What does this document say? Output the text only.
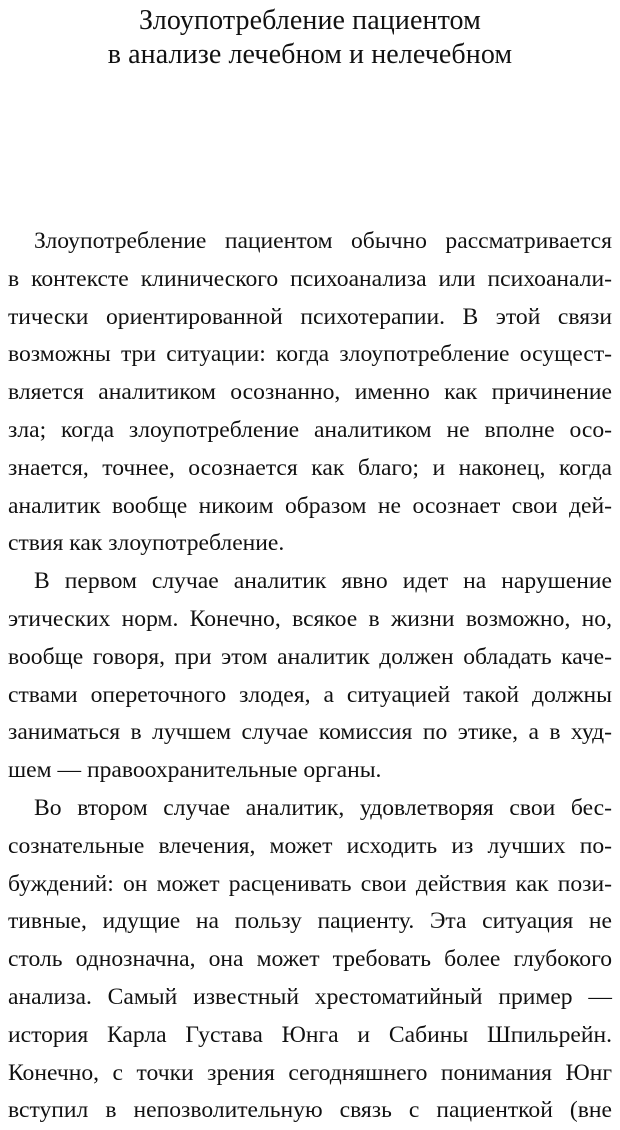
Злоупотребление пациентом
в анализе лечебном и нелечебном
Злоупотребление пациентом обычно рассматривается
в контексте клинического психоанализа или психоанали-
тически ориентированной психотерапии. В этой связи
возможны три ситуации: когда злоупотребление осущест-
вляется аналитиком осознанно, именно как причинение
зла; когда злоупотребление аналитиком не вполне осо-
знается, точнее, осознается как благо; и наконец, когда
аналитик вообще никоим образом не осознает свои дей-
ствия как злоупотребление.
В первом случае аналитик явно идет на нарушение
этических норм. Конечно, всякое в жизни возможно, но,
вообще говоря, при этом аналитик должен обладать каче-
ствами опереточного злодея, а ситуацией такой должны
заниматься в лучшем случае комиссия по этике, а в худ-
шем — правоохранительные органы.
Во втором случае аналитик, удовлетворяя свои бес-
сознательные влечения, может исходить из лучших по-
буждений: он может расценивать свои действия как пози-
тивные, идущие на пользу пациенту. Эта ситуация не
столь однозначна, она может требовать более глубокого
анализа. Самый известный хрестоматийный пример —
история Карла Густава Юнга и Сабины Шпильрейн.
Конечно, с точки зрения сегодняшнего понимания Юнг
вступил в непозволительную связь с пациенткой (вне
